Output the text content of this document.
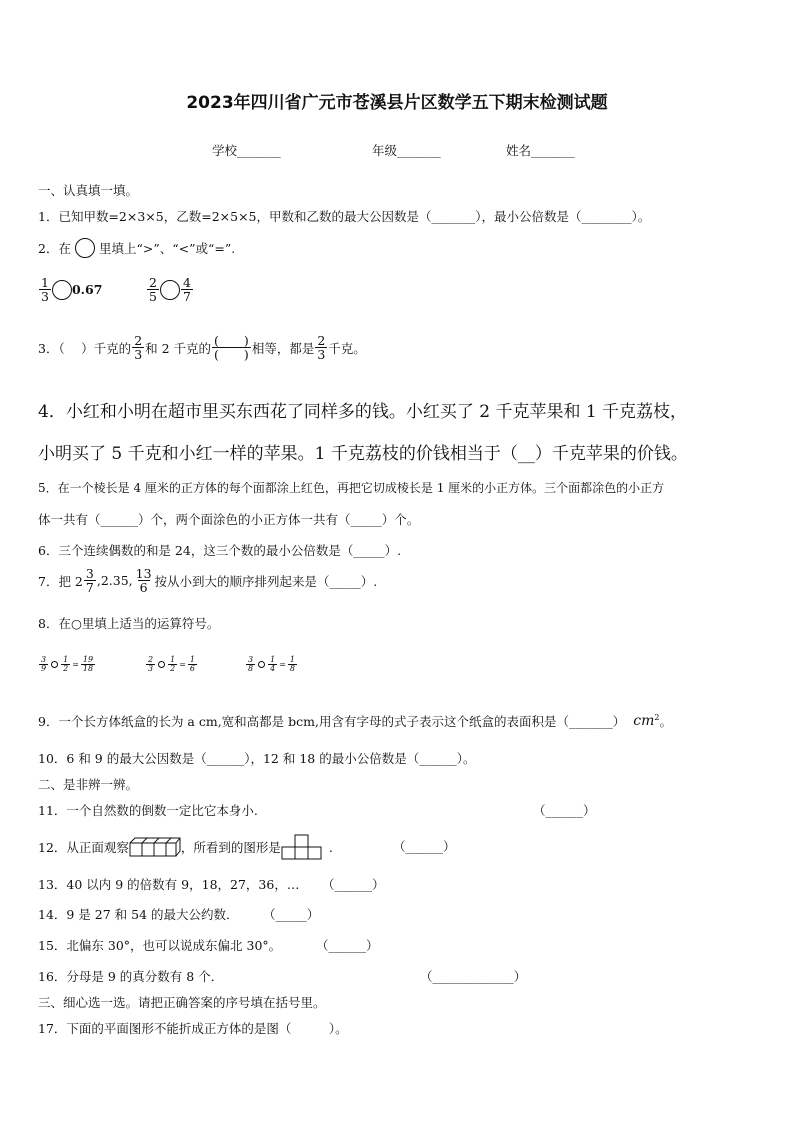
2023年四川省广元市苍溪县片区数学五下期末检测试题
学校_______	年级_______	姓名_______
一、认真填一填。
1．已知甲数=2×3×5，乙数=2×5×5，甲数和乙数的最大公因数是（_______），最小公倍数是（________）。
2．在 里填上“>”、“<”或“=”.
$\frac{1}{3} 0.67$	$\frac{2}{5} \frac{4}{7}$
3．（　 ）千克的 $\frac{2}{3}$ 和 2 千克的 $\frac{( )}{( )}$ 相等，都是 $\frac{2}{3}$ 千克。
4．小红和小明在超市里买东西花了同样多的钱。小红买了 2 千克苹果和 1 千克荔枝，
小明买了 5 千克和小红一样的苹果。1 千克荔枝的价钱相当于（__）千克苹果的价钱。
5．在一个棱长是 4 厘米的正方体的每个面都涂上红色，再把它切成棱长是 1 厘米的小正方体。三个面都涂色的小正方
体一共有（______）个，两个面涂色的小正方体一共有（_____）个。
6．三个连续偶数的和是 24，这三个数的最小公倍数是（_____）.
7．把 $2 \frac{3}{7} ,2.35$, $\frac{13}{6}$ 按从小到大的顺序排列起来是（_____）.
8．在○里填上适当的运算符号。
$\frac{3}{9} \frac{1}{2} = \frac{19}{18}$	$\frac{2}{3} \frac{1}{2} = \frac{1}{6}$	$\frac{3}{8} \frac{1}{4} = \frac{1}{8}$
9．一个长方体纸盒的长为 a cm,宽和高都是 bcm,用含有字母的式子表示这个纸盒的表面积是（_______） $cm^2$ 。
10．6 和 9 的最大公因数是（______），12 和 18 的最小公倍数是（______）。
二、是非辨一辨。
11．一个自然数的倒数一定比它本身小.	（______）
12．从正面观察	，所看到的图形是	.	（______）
13．40 以内 9 的倍数有 9，18，27，36，… （______）
14．9 是 27 和 54 的最大公约数． （_____）
15．北偏东 30°，也可以说成东偏北 30°。	（______）
16．分母是 9 的真分数有 8 个．	（_____________）
三、细心选一选。请把正确答案的序号填在括号里。
17．下面的平面图形不能折成正方体的是图（　　　）。
